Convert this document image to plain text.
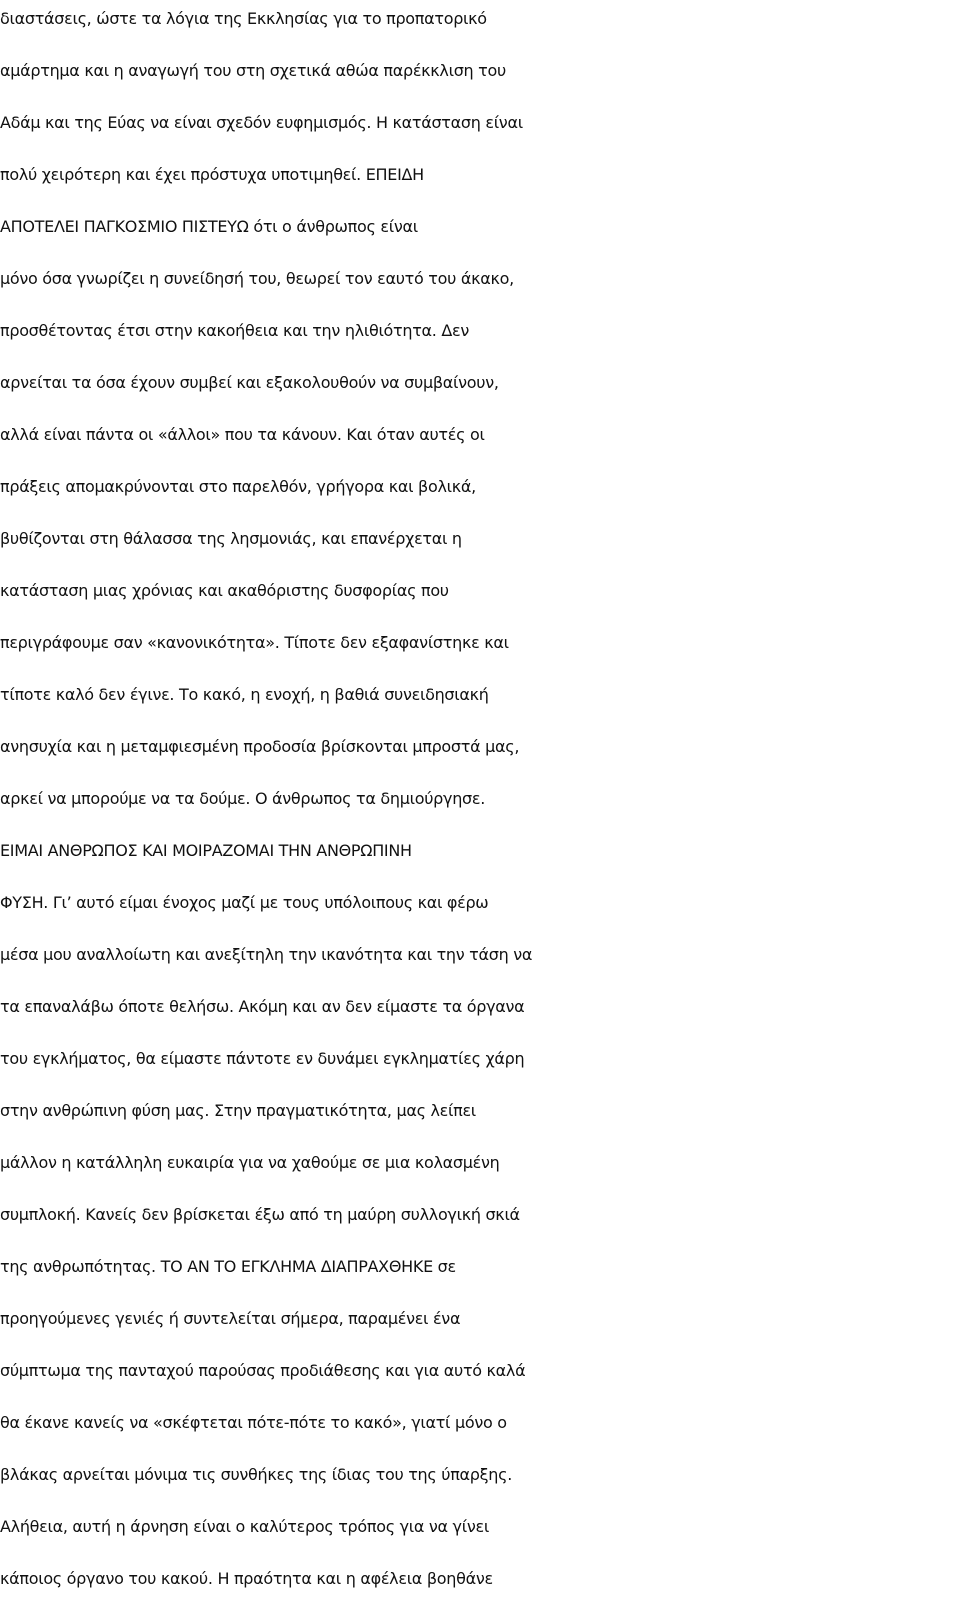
διαστάσεις, ώστε τα λόγια της Εκκλησίας για το προπατορικό
αμάρτημα και η αναγωγή του στη σχετικά αθώα παρέκκλιση του
Αδάμ και της Εύας να είναι σχεδόν ευφημισμός. Η κατάσταση είναι
πολύ χειρότερη και έχει πρόστυχα υποτιμηθεί. ΕΠΕΙΔΗ
ΑΠΟΤΕΛΕΙ ΠΑΓΚΟΣΜΙΟ ΠΙΣΤΕΥΩ ότι ο άνθρωπος είναι
μόνο όσα γνωρίζει η συνείδησή του, θεωρεί τον εαυτό του άκακο,
προσθέτοντας έτσι στην κακοήθεια και την ηλιθιότητα. Δεν
αρνείται τα όσα έχουν συμβεί και εξακολουθούν να συμβαίνουν,
αλλά είναι πάντα οι «άλλοι» που τα κάνουν. Και όταν αυτές οι
πράξεις απομακρύνονται στο παρελθόν, γρήγορα και βολικά,
βυθίζονται στη θάλασσα της λησμονιάς, και επανέρχεται η
κατάσταση μιας χρόνιας και ακαθόριστης δυσφορίας που
περιγράφουμε σαν «κανονικότητα». Τίποτε δεν εξαφανίστηκε και
τίποτε καλό δεν έγινε. Το κακό, η ενοχή, η βαθιά συνειδησιακή
ανησυχία και η μεταμφιεσμένη προδοσία βρίσκονται μπροστά μας,
αρκεί να μπορούμε να τα δούμε. Ο άνθρωπος τα δημιούργησε.
ΕΙΜΑΙ ΑΝΘΡΩΠΟΣ ΚΑΙ ΜΟΙΡΑΖΟΜΑΙ ΤΗΝ ΑΝΘΡΩΠΙΝΗ
ΦΥΣΗ. Γι’ αυτό είμαι ένοχος μαζί με τους υπόλοιπους και φέρω
μέσα μου αναλλοίωτη και ανεξίτηλη την ικανότητα και την τάση να
τα επαναλάβω όποτε θελήσω. Ακόμη και αν δεν είμαστε τα όργανα
του εγκλήματος, θα είμαστε πάντοτε εν δυνάμει εγκληματίες χάρη
στην ανθρώπινη φύση μας. Στην πραγματικότητα, μας λείπει
μάλλον η κατάλληλη ευκαιρία για να χαθούμε σε μια κολασμένη
συμπλοκή. Κανείς δεν βρίσκεται έξω από τη μαύρη συλλογική σκιά
της ανθρωπότητας. ΤΟ ΑΝ ΤΟ ΕΓΚΛΗΜΑ ΔΙΑΠΡΑΧΘΗΚΕ σε
προηγούμενες γενιές ή συντελείται σήμερα, παραμένει ένα
σύμπτωμα της πανταχού παρούσας προδιάθεσης και για αυτό καλά
θα έκανε κανείς να «σκέφτεται πότε-πότε το κακό», γιατί μόνο ο
βλάκας αρνείται μόνιμα τις συνθήκες της ίδιας του της ύπαρξης.
Αλήθεια, αυτή η άρνηση είναι ο καλύτερος τρόπος για να γίνει
κάποιος όργανο του κακού. Η πραότητα και η αφέλεια βοηθάνε
